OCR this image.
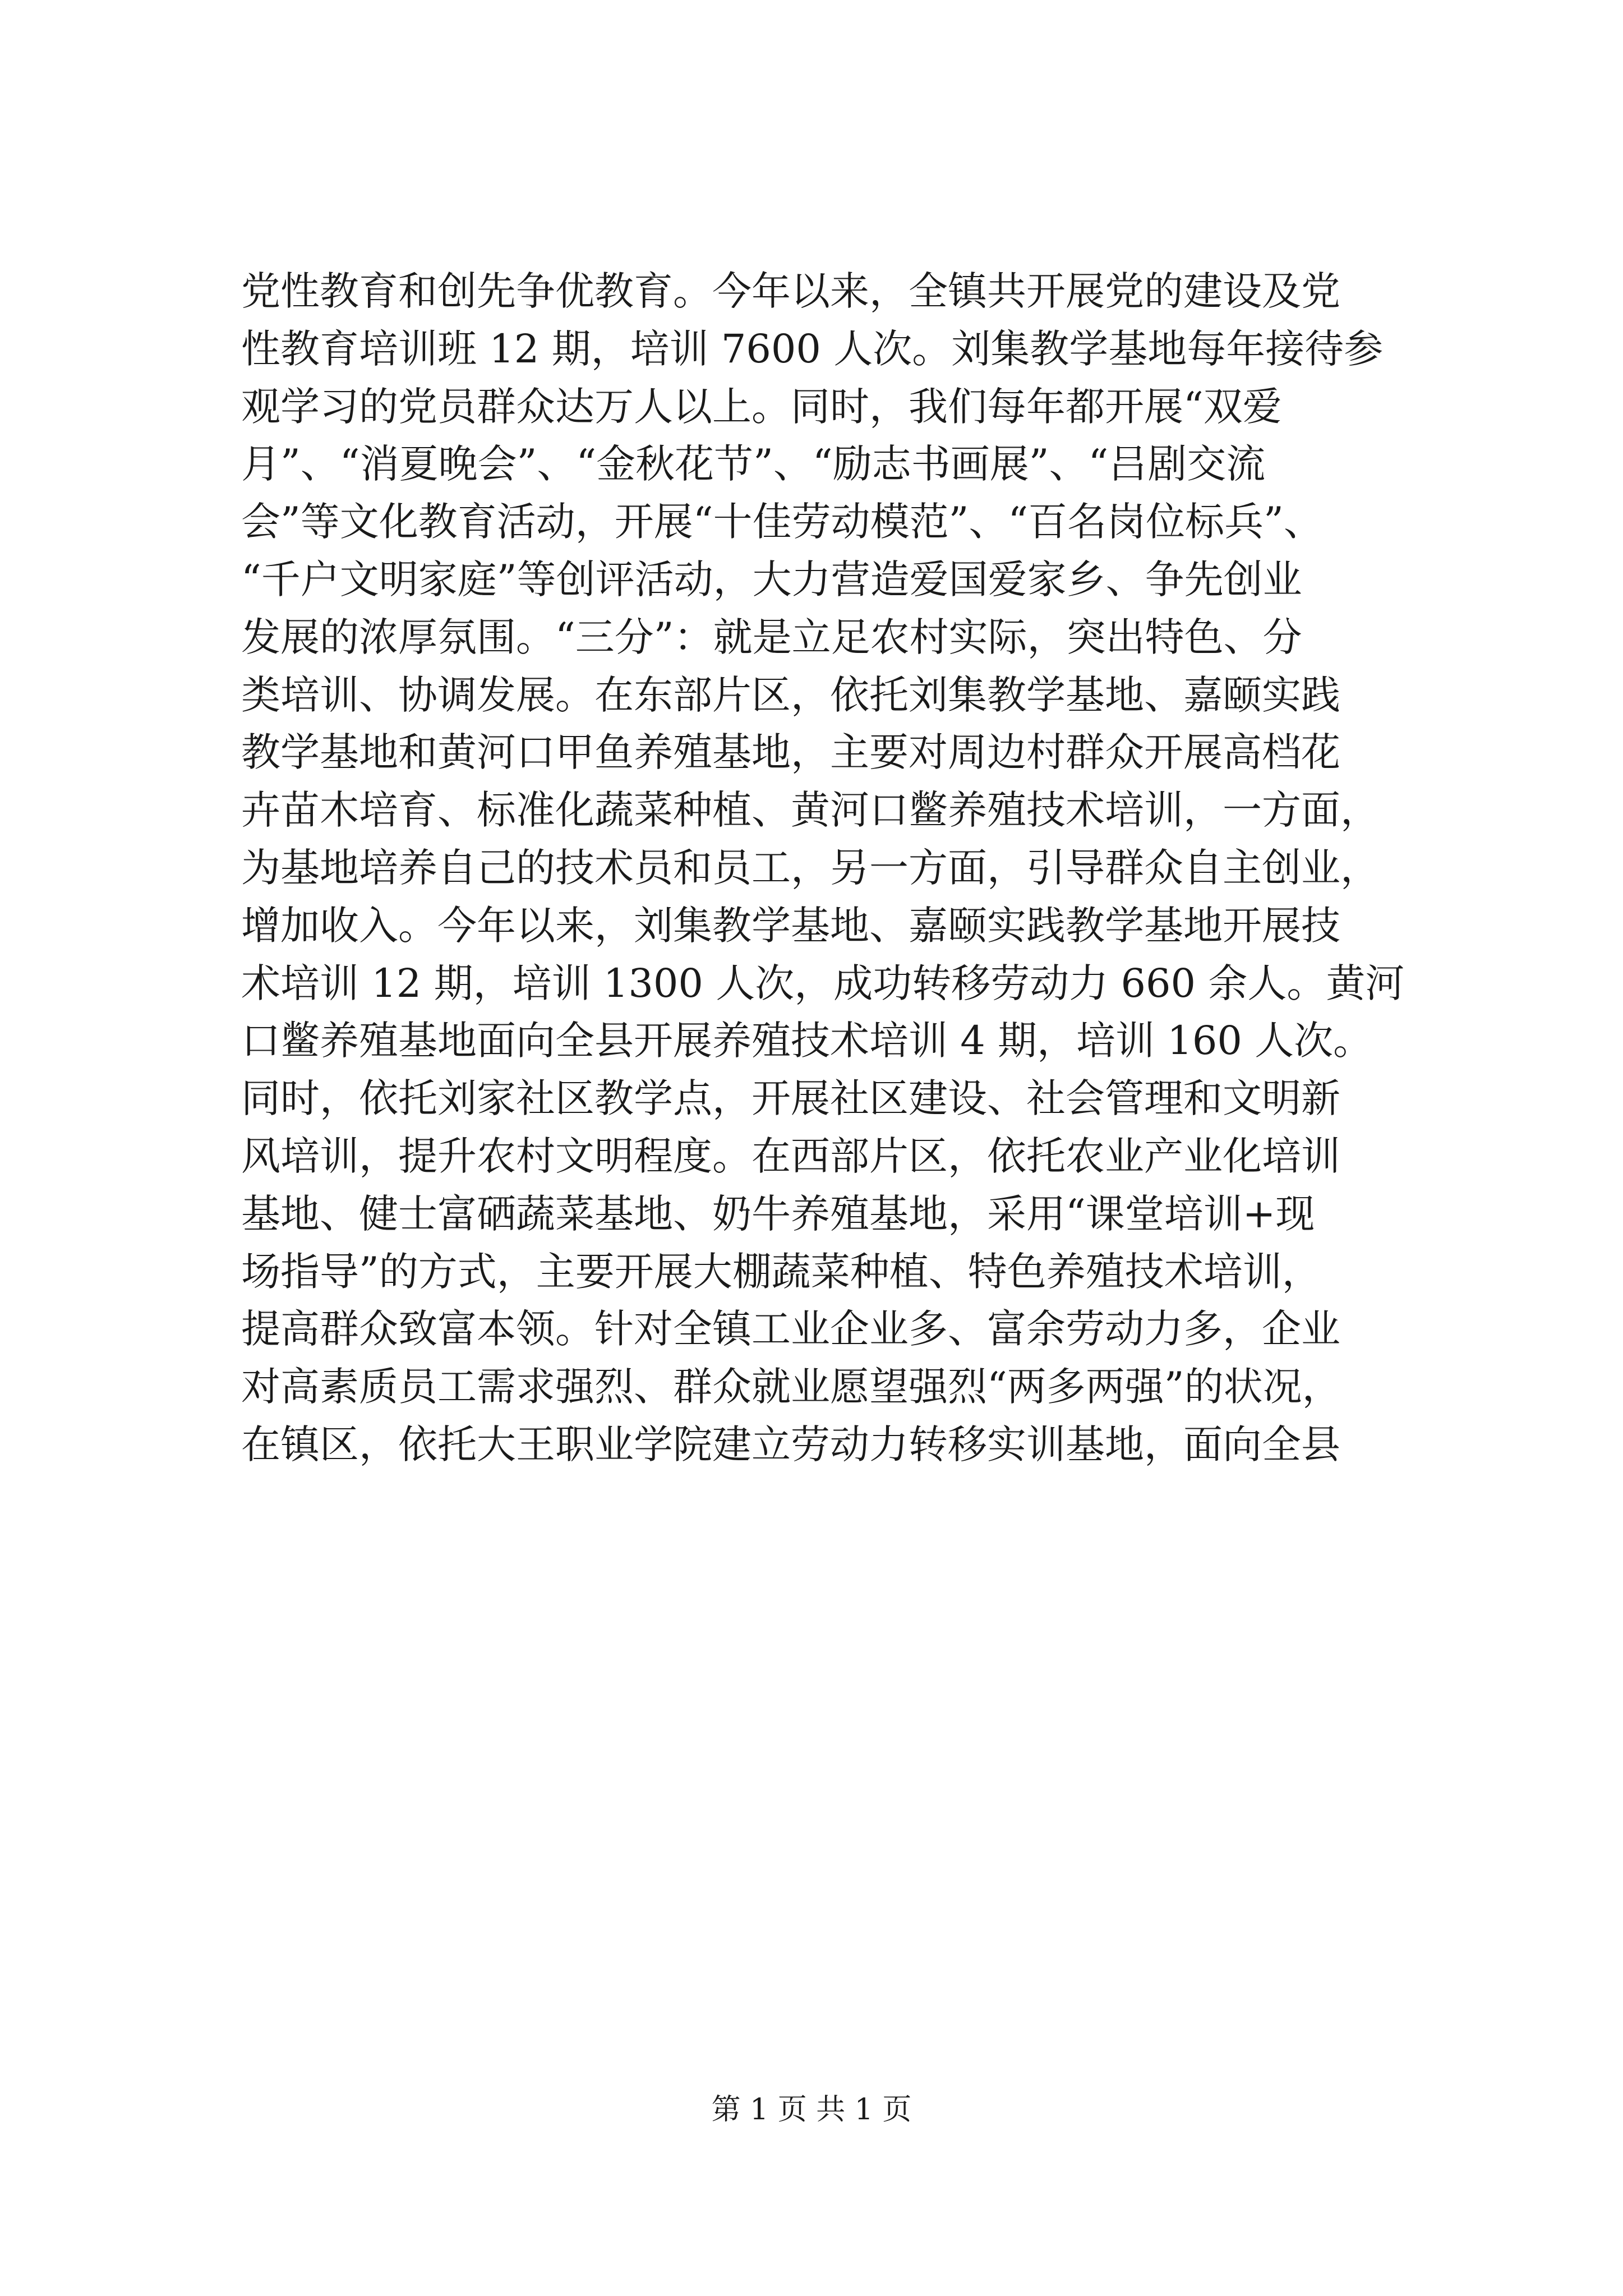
党性教育和创先争优教育。今年以来，全镇共开展党的建设及党
性教育培训班 12 期，培训 7600 人次。刘集教学基地每年接待参
观学习的党员群众达万人以上。同时，我们每年都开展“双爱
月”、“消夏晚会”、“金秋花节”、“励志书画展”、“吕剧交流
会”等文化教育活动，开展“十佳劳动模范”、“百名岗位标兵”、
“千户文明家庭”等创评活动，大力营造爱国爱家乡、争先创业
发展的浓厚氛围。“三分”：就是立足农村实际，突出特色、分
类培训、协调发展。在东部片区，依托刘集教学基地、嘉颐实践
教学基地和黄河口甲鱼养殖基地，主要对周边村群众开展高档花
卉苗木培育、标准化蔬菜种植、黄河口鳖养殖技术培训，一方面，
为基地培养自己的技术员和员工，另一方面，引导群众自主创业，
增加收入。今年以来，刘集教学基地、嘉颐实践教学基地开展技
术培训 12 期，培训 1300 人次，成功转移劳动力 660 余人。黄河
口鳖养殖基地面向全县开展养殖技术培训 4 期，培训 160 人次。
同时，依托刘家社区教学点，开展社区建设、社会管理和文明新
风培训，提升农村文明程度。在西部片区，依托农业产业化培训
基地、健士富硒蔬菜基地、奶牛养殖基地，采用“课堂培训+现
场指导”的方式，主要开展大棚蔬菜种植、特色养殖技术培训，
提高群众致富本领。针对全镇工业企业多、富余劳动力多，企业
对高素质员工需求强烈、群众就业愿望强烈“两多两强”的状况，
在镇区，依托大王职业学院建立劳动力转移实训基地，面向全县
第 1 页 共 1 页
